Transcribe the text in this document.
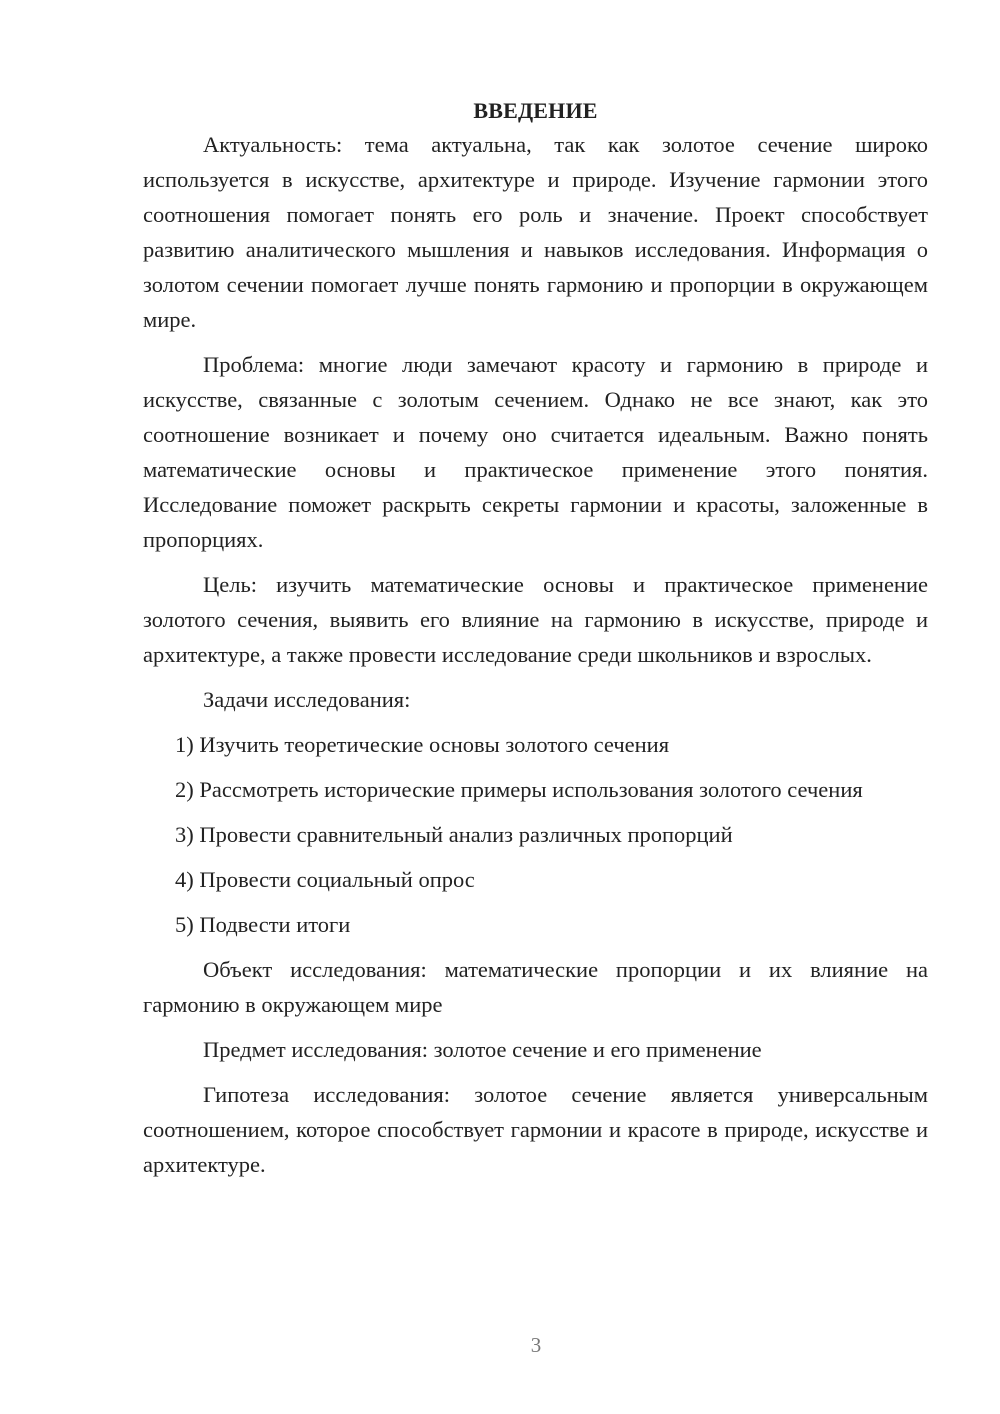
ВВЕДЕНИЕ

Актуальность: тема актуальна, так как золотое сечение широко используется в искусстве, архитектуре и природе. Изучение гармонии этого соотношения помогает понять его роль и значение. Проект способствует развитию аналитического мышления и навыков исследования. Информация о золотом сечении помогает лучше понять гармонию и пропорции в окружающем мире.

Проблема: многие люди замечают красоту и гармонию в природе и искусстве, связанные с золотым сечением. Однако не все знают, как это соотношение возникает и почему оно считается идеальным. Важно понять математические основы и практическое применение этого понятия. Исследование поможет раскрыть секреты гармонии и красоты, заложенные в пропорциях.

Цель: изучить математические основы и практическое применение золотого сечения, выявить его влияние на гармонию в искусстве, природе и архитектуре, а также провести исследование среди школьников и взрослых.

Задачи исследования:

1) Изучить теоретические основы золотого сечения

2) Рассмотреть исторические примеры использования золотого сечения

3) Провести сравнительный анализ различных пропорций

4) Провести социальный опрос

5) Подвести итоги

Объект исследования: математические пропорции и их влияние на гармонию в окружающем мире

Предмет исследования: золотое сечение и его применение

Гипотеза исследования: золотое сечение является универсальным соотношением, которое способствует гармонии и красоте в природе, искусстве и архитектуре.

3
